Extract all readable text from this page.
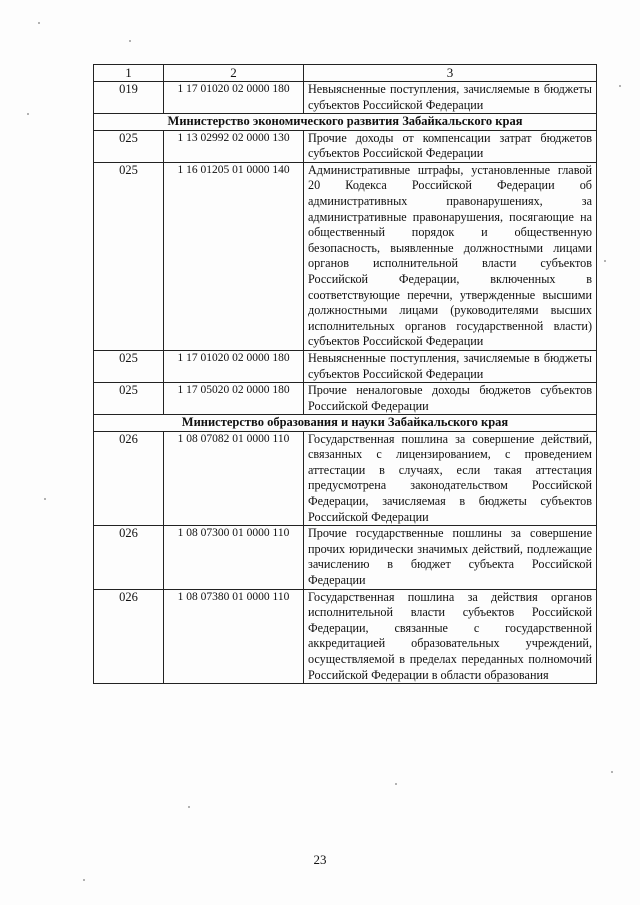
1	2	3
019	1 17 01020 02 0000 180	Невыясненные поступления, зачисляемые в бюджеты субъектов Российской Федерации
Министерство экономического развития Забайкальского края		
025	1 13 02992 02 0000 130	Прочие доходы от компенсации затрат бюджетов субъектов Российской Федерации
025	1 16 01205 01 0000 140	Административные штрафы, установленные главой 20 Кодекса Российской Федерации об административных правонарушениях, за административные правонарушения, посягающие на общественный порядок и общественную безопасность, выявленные должностными лицами органов исполнительной власти субъектов Российской Федерации, включенных в соответствующие перечни, утвержденные высшими должностными лицами (руководителями высших исполнительных органов государственной власти) субъектов Российской Федерации
025	1 17 01020 02 0000 180	Невыясненные поступления, зачисляемые в бюджеты субъектов Российской Федерации
025	1 17 05020 02 0000 180	Прочие неналоговые доходы бюджетов субъектов Российской Федерации
Министерство образования и науки Забайкальского края		
026	1 08 07082 01 0000 110	Государственная пошлина за совершение действий, связанных с лицензированием, с проведением аттестации в случаях, если такая аттестация предусмотрена законодательством Российской Федерации, зачисляемая в бюджеты субъектов Российской Федерации
026	1 08 07300 01 0000 110	Прочие государственные пошлины за совершение прочих юридически значимых действий, подлежащие зачислению в бюджет субъекта Российской Федерации
026	1 08 07380 01 0000 110	Государственная пошлина за действия органов исполнительной власти субъектов Российской Федерации, связанные с государственной аккредитацией образовательных учреждений, осуществляемой в пределах переданных полномочий Российской Федерации в области образования
23
